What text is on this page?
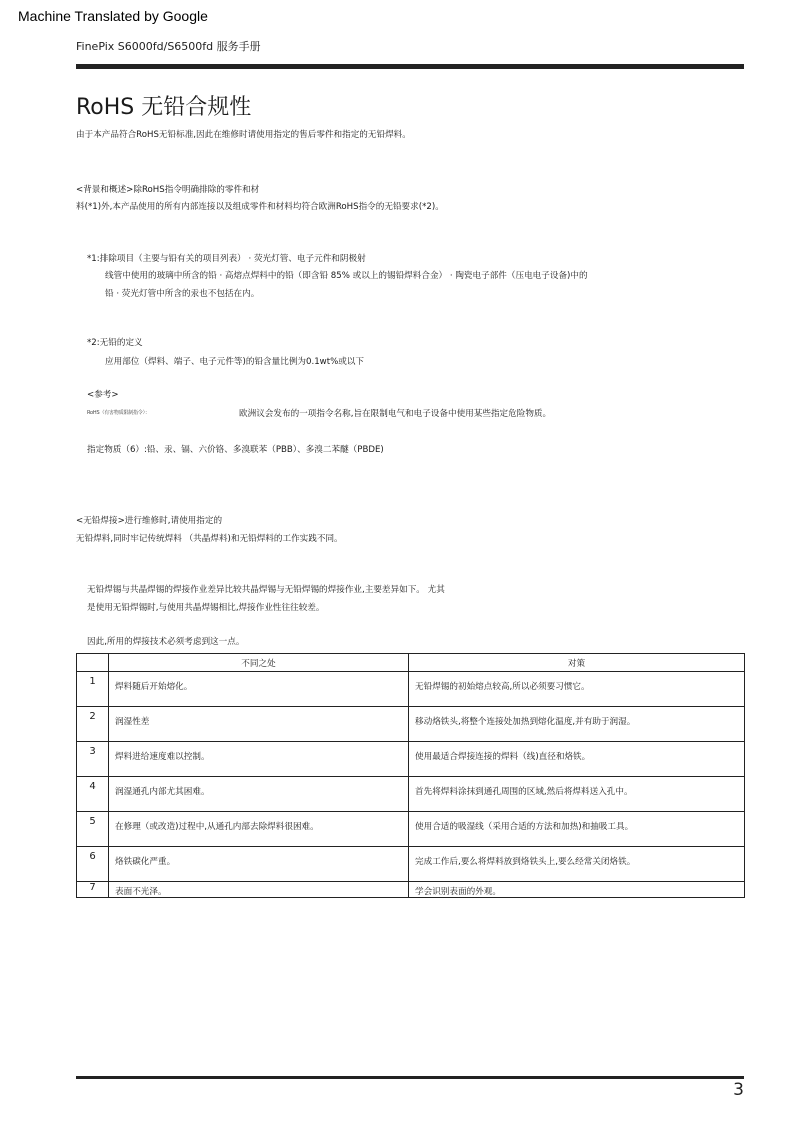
Machine Translated by Google
FinePix S6000fd/S6500fd 服务手册
RoHS 无铅合规性
由于本产品符合RoHS无铅标准,因此在维修时请使用指定的售后零件和指定的无铅焊料。
<背景和概述>除RoHS指令明确排除的零件和材
料(*1)外,本产品使用的所有内部连接以及组成零件和材料均符合欧洲RoHS指令的无铅要求(*2)。
*1:排除项目（主要与铅有关的项目列表） · 荧光灯管、电子元件和阴极射
线管中使用的玻璃中所含的铅 · 高熔点焊料中的铅（即含铅 85% 或以上的锡铅焊料合金） · 陶瓷电子部件（压电电子设备)中的
铅 · 荧光灯管中所含的汞也不包括在内。
*2:无铅的定义
应用部位（焊料、端子、电子元件等)的铅含量比例为0.1wt%或以下
<参考>
RoHS（有害物质限制指令）：	欧洲议会发布的一项指令名称,旨在限制电气和电子设备中使用某些指定危险物质。
指定物质（6）:铅、汞、镉、六价铬、多溴联苯（PBB）、多溴二苯醚（PBDE)
<无铅焊接>进行维修时,请使用指定的
无铅焊料,同时牢记传统焊料 （共晶焊料)和无铅焊料的工作实践不同。
无铅焊锡与共晶焊锡的焊接作业差异比较共晶焊锡与无铅焊锡的焊接作业,主要差异如下。 尤其
是使用无铅焊锡时,与使用共晶焊锡相比,焊接作业性往往较差。
因此,所用的焊接技术必须考虑到这一点。
	不同之处	对策
1	焊料随后开始熔化。	无铅焊锡的初始熔点较高,所以必须要习惯它。
2	润湿性差	移动烙铁头,将整个连接处加热到熔化温度,并有助于润湿。
3	焊料进给速度难以控制。	使用最适合焊接连接的焊料（线)直径和烙铁。
4	润湿通孔内部尤其困难。	首先将焊料涂抹到通孔周围的区域,然后将焊料送入孔中。
5	在修理（或改造)过程中,从通孔内部去除焊料很困难。	使用合适的吸湿线（采用合适的方法和加热)和抽吸工具。
6	烙铁碳化严重。	完成工作后,要么将焊料放到烙铁头上,要么经常关闭烙铁。
7	表面不光泽。	学会识别表面的外观。
3
